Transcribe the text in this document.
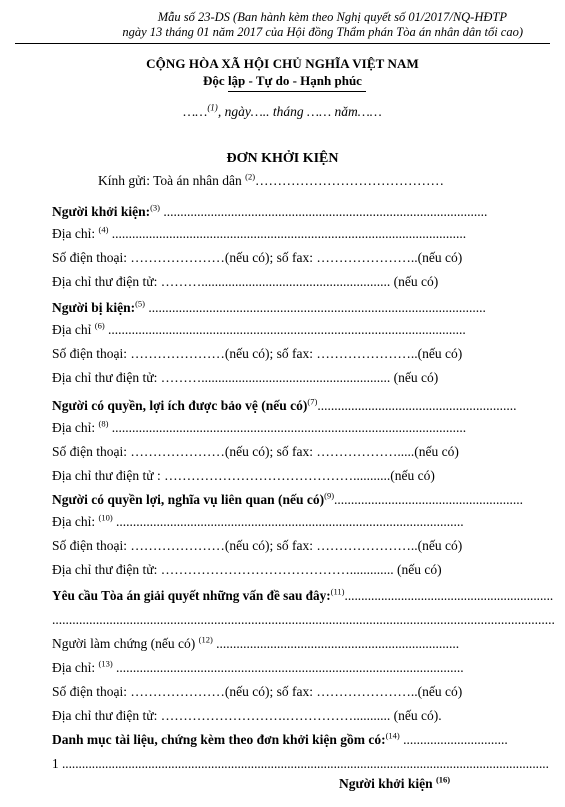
Mẫu số 23-DS (Ban hành kèm theo Nghị quyết số 01/2017/NQ-HĐTP
ngày 13 tháng 01 năm 2017 của Hội đồng Thẩm phán Tòa án nhân dân tối cao)
CỘNG HÒA XÃ HỘI CHỦ NGHĨA VIỆT NAM
Độc lập - Tự do - Hạnh phúc
……$^{(1)}$, ngày….. tháng …… năm……
ĐƠN KHỞI KIỆN
Kính gửi: Toà án nhân dân $^{(2)}$……………………………………
Người khởi kiện:$^{(3)}$ ................................................................................................
Địa chỉ: $^{(4)}$ .........................................................................................................
Số điện thoại: …………………(nếu có); số fax: …………………..(nếu có)
Địa chỉ thư điện tử: ………........................................................ (nếu có)
Người bị kiện:$^{(5)}$ ....................................................................................................
Địa chỉ $^{(6)}$ ..........................................................................................................
Số điện thoại: …………………(nếu có); số fax: …………………..(nếu có)
Địa chỉ thư điện tử: ………........................................................ (nếu có)
Người có quyền, lợi ích được bảo vệ (nếu có)$^{(7)}$...........................................................
Địa chỉ: $^{(8)}$ .........................................................................................................
Số điện thoại: …………………(nếu có); số fax: ……………….....(nếu có)
Địa chỉ thư điện tử : ……………………………………...........(nếu có)
Người có quyền lợi, nghĩa vụ liên quan (nếu có)$^{(9)}$........................................................
Địa chỉ: $^{(10)}$ .......................................................................................................
Số điện thoại: …………………(nếu có); số fax: …………………..(nếu có)
Địa chỉ thư điện tử: ……………………………………............. (nếu có)
Yêu cầu Tòa án giải quyết những vấn đề sau đây:$^{(11)}$...............................................................
.....................................................................................................................................................
Người làm chứng (nếu có) $^{(12)}$ ........................................................................
Địa chỉ: $^{(13)}$ .......................................................................................................
Số điện thoại: …………………(nếu có); số fax: …………………..(nếu có)
Địa chỉ thư điện tử: ……………………….……………........... (nếu có).
Danh mục tài liệu, chứng kèm theo đơn khởi kiện gồm có:$^{(14)}$ ...............................
1 ...................................................................................................................................................
Người khởi kiện $^{(16)}$
